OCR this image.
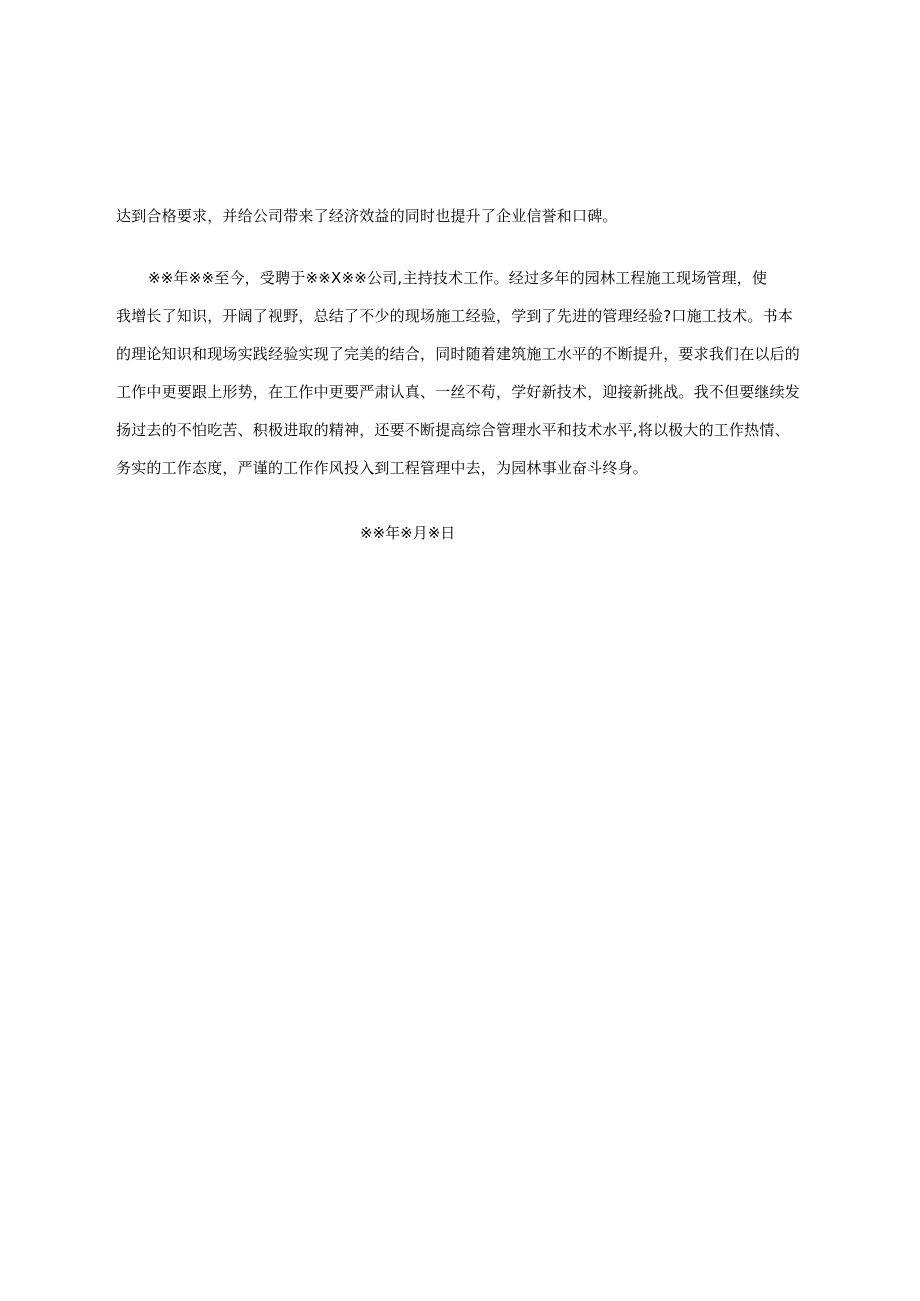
达到合格要求，并给公司带来了经济效益的同时也提升了企业信誉和口碑。
※※年※※至今，受聘于※※X※※公司,主持技术工作。经过多年的园林工程施工现场管理，使
我增长了知识，开阔了视野，总结了不少的现场施工经验，学到了先进的管理经验?口施工技术。书本
的理论知识和现场实践经验实现了完美的结合，同时随着建筑施工水平的不断提升，要求我们在以后的
工作中更要跟上形势，在工作中更要严肃认真、一丝不苟，学好新技术，迎接新挑战。我不但要继续发
扬过去的不怕吃苦、积极进取的精神，还要不断提高综合管理水平和技术水平,将以极大的工作热情、
务实的工作态度，严谨的工作作风投入到工程管理中去，为园林事业奋斗终身。
※※年※月※日
